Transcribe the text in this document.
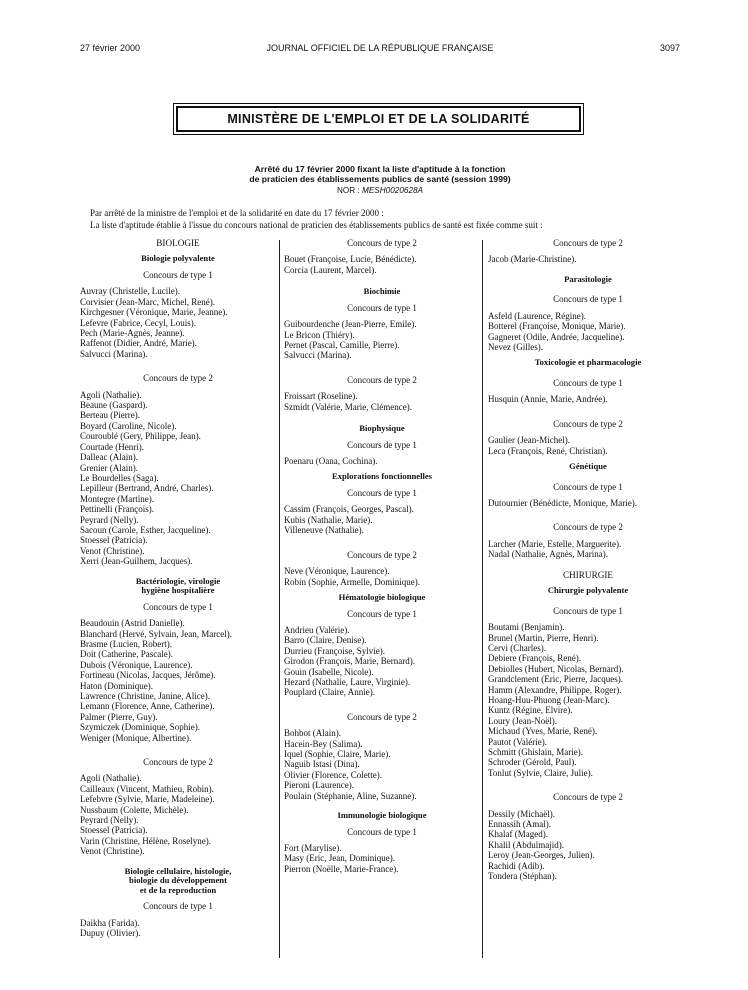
27 février 2000	JOURNAL OFFICIEL DE LA RÉPUBLIQUE FRANÇAISE	3097
MINISTÈRE DE L'EMPLOI ET DE LA SOLIDARITÉ
Arrêté du 17 février 2000 fixant la liste d'aptitude à la fonction
de praticien des établissements publics de santé (session 1999)
NOR : MESH0020628A
Par arrêté de la ministre de l'emploi et de la solidarité en date du 17 février 2000 :
La liste d'aptitude établie à l'issue du concours national de praticien des établissements publics de santé est fixée comme suit :
BIOLOGIE
Biologie polyvalente
Concours de type 1
Auvray (Christelle, Lucile).
Corvisier (Jean-Marc, Michel, René).
Kirchgesner (Véronique, Marie, Jeanne).
Lefevre (Fabrice, Cecyl, Louis).
Pech (Marie-Agnès, Jeanne).
Raffenot (Didier, André, Marie).
Salvucci (Marina).
Concours de type 2
Agoli (Nathalie).
Beaune (Gaspard).
Berteau (Pierre).
Boyard (Caroline, Nicole).
Couroublé (Gery, Philippe, Jean).
Courtade (Henri).
Dalleac (Alain).
Grenier (Alain).
Le Bourdelles (Saga).
Lepilleur (Bertrand, André, Charles).
Montegre (Martine).
Pettinelli (François).
Peyrard (Nelly).
Sacoun (Carole, Esther, Jacqueline).
Stoessel (Patricia).
Venot (Christine).
Xerri (Jean-Guilhem, Jacques).
Bactériologie, virologie
hygiène hospitalière
Concours de type 1
Beaudouin (Astrid Danielle).
Blanchard (Hervé, Sylvain, Jean, Marcel).
Brasme (Lucien, Robert).
Doit (Catherine, Pascale).
Dubois (Véronique, Laurence).
Fortineau (Nicolas, Jacques, Jérôme).
Haton (Dominique).
Lawrence (Christine, Janine, Alice).
Lemann (Florence, Anne, Catherine).
Palmer (Pierre, Guy).
Szymiczek (Dominique, Sophie).
Weniger (Monique, Albertine).
Concours de type 2
Agoli (Nathalie).
Cailleaux (Vincent, Mathieu, Robin).
Lefebvre (Sylvie, Marie, Madeleine).
Nussbaum (Colette, Michèle).
Peyrard (Nelly).
Stoessel (Patricia).
Varin (Christine, Hélène, Roselyne).
Venot (Christine).
Biologie cellulaire, histologie,
biologie du développement
et de la reproduction
Concours de type 1
Daikha (Farida).
Dupuy (Olivier).
Concours de type 2
Bouet (Françoise, Lucie, Bénédicte).
Corcia (Laurent, Marcel).
Biochimie
Concours de type 1
Guibourdenche (Jean-Pierre, Emile).
Le Bricon (Thiéry).
Pernet (Pascal, Camille, Pierre).
Salvucci (Marina).
Concours de type 2
Froissart (Roseline).
Szmidt (Valérie, Marie, Clémence).
Biophysique
Concours de type 1
Poenaru (Oana, Cochina).
Explorations fonctionnelles
Concours de type 1
Cassim (François, Georges, Pascal).
Kubis (Nathalie, Marie).
Villeneuve (Nathalie).
Concours de type 2
Neve (Véronique, Laurence).
Robin (Sophie, Armelle, Dominique).
Hématologie biologique
Concours de type 1
Andrieu (Valérie).
Barro (Claire, Denise).
Durrieu (Françoise, Sylvie).
Girodon (François, Marie, Bernard).
Gouin (Isabelle, Nicole).
Hezard (Nathalie, Laure, Virginie).
Pouplard (Claire, Annie).
Concours de type 2
Bohbot (Alain).
Hacein-Bey (Salima).
Iquel (Sophie, Claire, Marie).
Naguib Istasi (Dina).
Olivier (Florence, Colette).
Pieroni (Laurence).
Poulain (Stéphanie, Aline, Suzanne).
Immunologie biologique
Concours de type 1
Fort (Marylise).
Masy (Eric, Jean, Dominique).
Pierron (Noëlle, Marie-France).
Concours de type 2
Jacob (Marie-Christine).
Parasitologie
Concours de type 1
Asfeld (Laurence, Régine).
Botterel (Françoise, Monique, Marie).
Gagneret (Odile, Andrée, Jacqueline).
Nevez (Gilles).
Toxicologie et pharmacologie
Concours de type 1
Husquin (Annie, Marie, Andrée).
Concours de type 2
Gaulier (Jean-Michel).
Leca (François, René, Christian).
Génétique
Concours de type 1
Dutournier (Bénédicte, Monique, Marie).
Concours de type 2
Larcher (Marie, Estelle, Marguerite).
Nadal (Nathalie, Agnès, Marina).
CHIRURGIE
Chirurgie polyvalente
Concours de type 1
Boutami (Benjamin).
Brunel (Martin, Pierre, Henri).
Cervi (Charles).
Debiere (François, René).
Debiolles (Hubert, Nicolas, Bernard).
Grandclement (Eric, Pierre, Jacques).
Hamm (Alexandre, Philippe, Roger).
Hoang-Huu-Phuong (Jean-Marc).
Kuntz (Régine, Elvire).
Loury (Jean-Noël).
Michaud (Yves, Marie, René).
Pautot (Valérie).
Schmitt (Ghislain, Marie).
Schroder (Gérold, Paul).
Tonlut (Sylvie, Claire, Julie).
Concours de type 2
Dessily (Michaël).
Ennassih (Amal).
Khalaf (Maged).
Khalil (Abdulmajid).
Leroy (Jean-Georges, Julien).
Rachidi (Adib).
Tondera (Stéphan).
